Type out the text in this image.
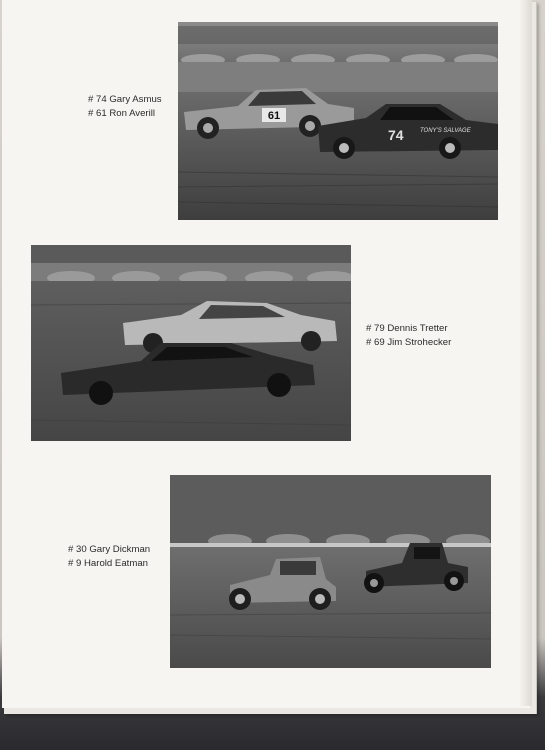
61
74	TONY'S SALVAGE
# 74 Gary Asmus
# 61 Ron Averill
# 79 Dennis Tretter
# 69 Jim Strohecker
# 30 Gary Dickman
# 9 Harold Eatman
